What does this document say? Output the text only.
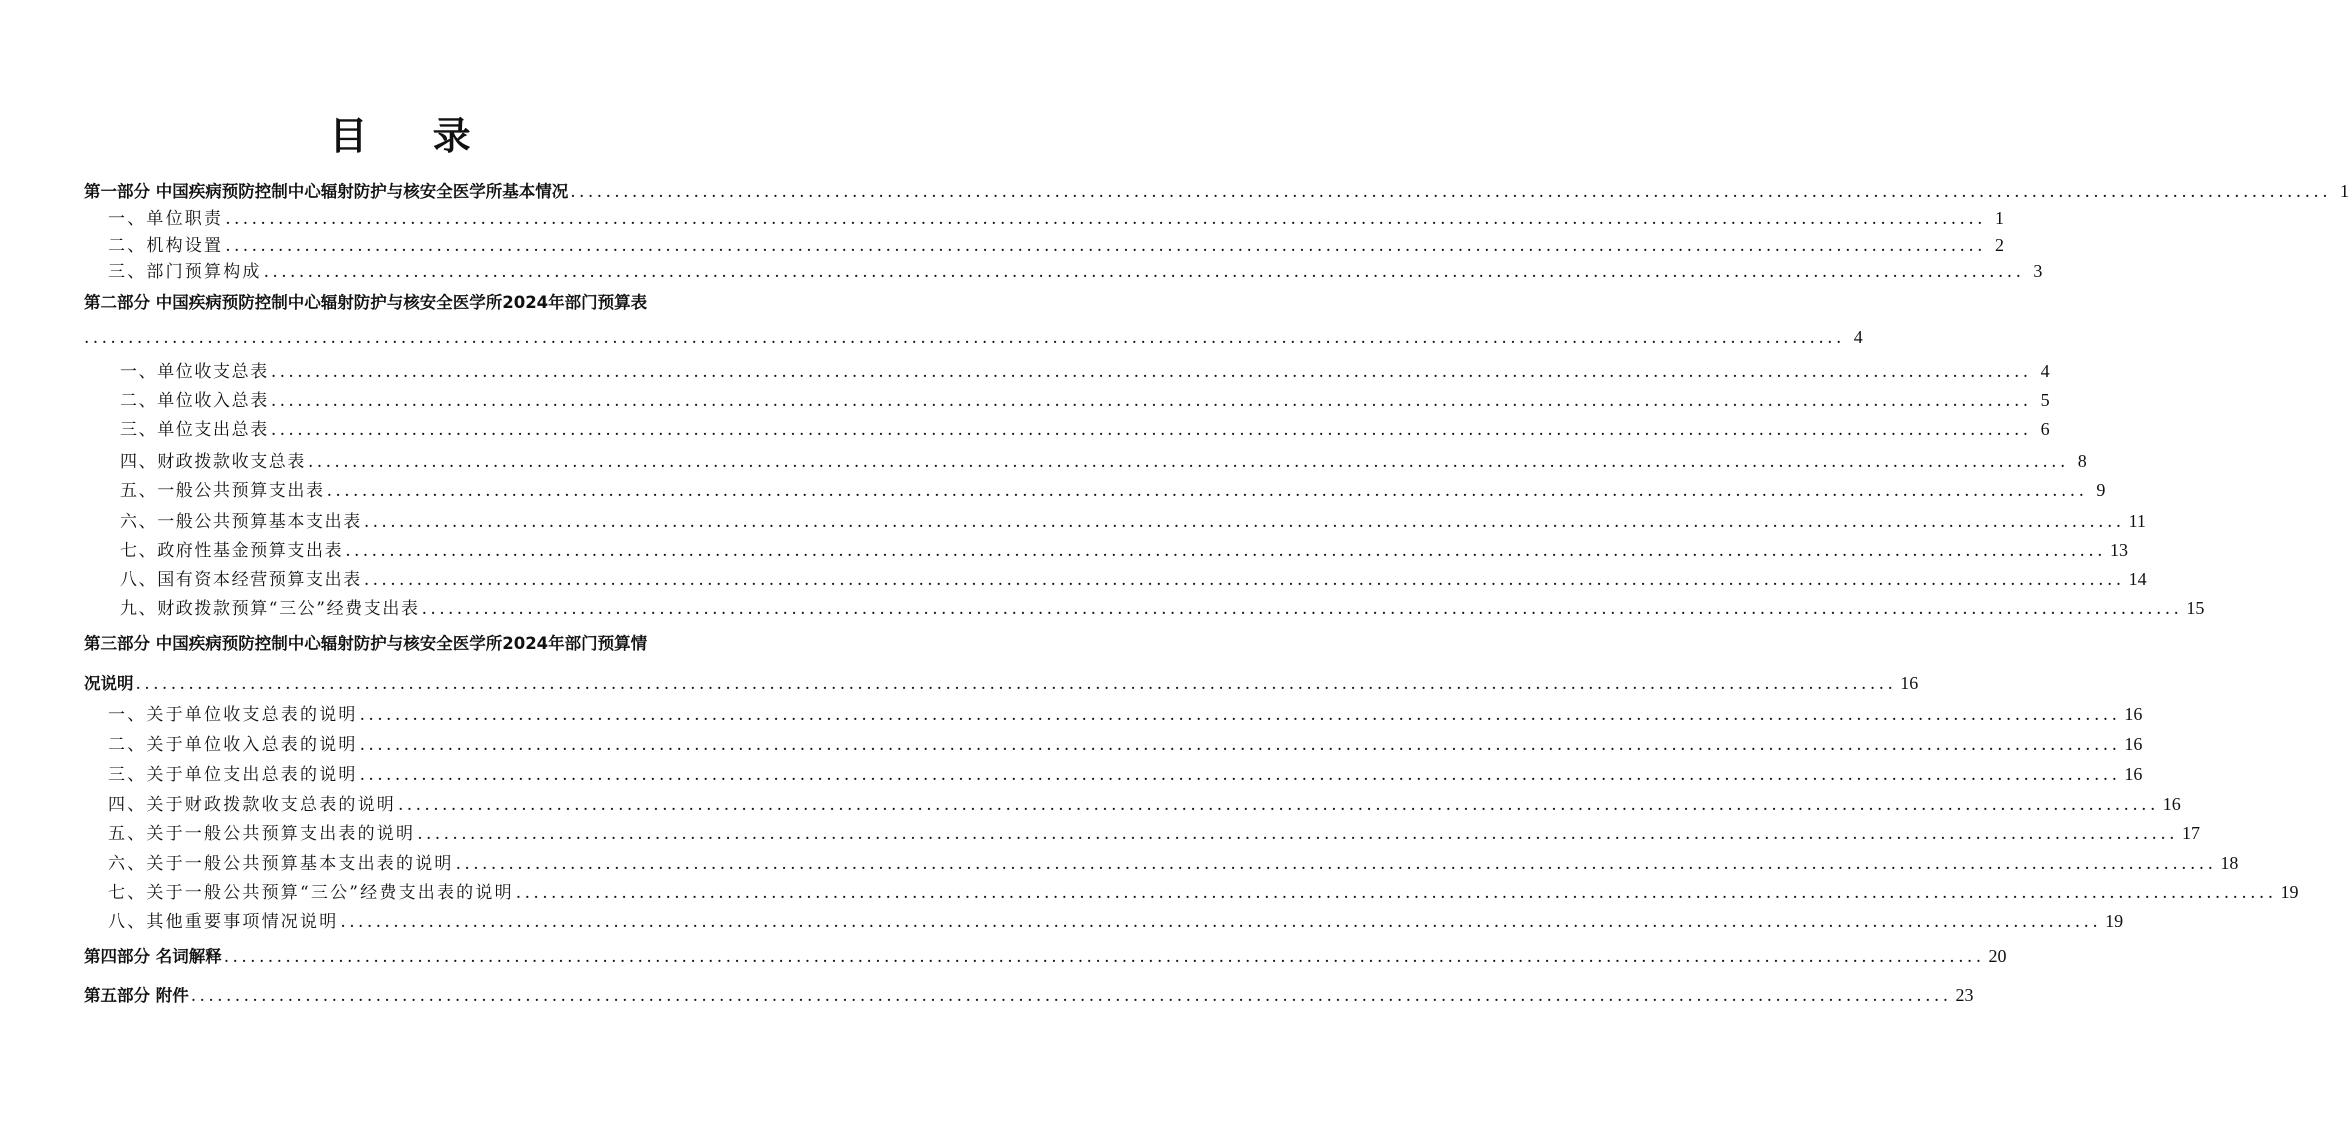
目 录
第一部分 中国疾病预防控制中心辐射防护与核安全医学所基本情况 ........................................................................................................................................................................................................ 1
一、单位职责 ........................................................................................................................................................................................................ 1
二、机构设置 ........................................................................................................................................................................................................ 2
三、部门预算构成 ........................................................................................................................................................................................................ 3
第二部分 中国疾病预防控制中心辐射防护与核安全医学所2024年部门预算表
........................................................................................................................................................................................................ 4
一、单位收支总表 ........................................................................................................................................................................................................ 4
二、单位收入总表 ........................................................................................................................................................................................................ 5
三、单位支出总表 ........................................................................................................................................................................................................ 6
四、财政拨款收支总表 ........................................................................................................................................................................................................ 8
五、一般公共预算支出表 ........................................................................................................................................................................................................ 9
六、一般公共预算基本支出表 ........................................................................................................................................................................................................ 11
七、政府性基金预算支出表 ........................................................................................................................................................................................................ 13
八、国有资本经营预算支出表 ........................................................................................................................................................................................................ 14
九、财政拨款预算“三公”经费支出表 ........................................................................................................................................................................................................ 15
第三部分 中国疾病预防控制中心辐射防护与核安全医学所2024年部门预算情
况说明 ........................................................................................................................................................................................................ 16
一、关于单位收支总表的说明 ........................................................................................................................................................................................................ 16
二、关于单位收入总表的说明 ........................................................................................................................................................................................................ 16
三、关于单位支出总表的说明 ........................................................................................................................................................................................................ 16
四、关于财政拨款收支总表的说明 ........................................................................................................................................................................................................ 16
五、关于一般公共预算支出表的说明 ........................................................................................................................................................................................................ 17
六、关于一般公共预算基本支出表的说明 ........................................................................................................................................................................................................ 18
七、关于一般公共预算“三公”经费支出表的说明 ........................................................................................................................................................................................................ 19
八、其他重要事项情况说明 ........................................................................................................................................................................................................ 19
第四部分 名词解释 ........................................................................................................................................................................................................ 20
第五部分 附件 ........................................................................................................................................................................................................ 23
